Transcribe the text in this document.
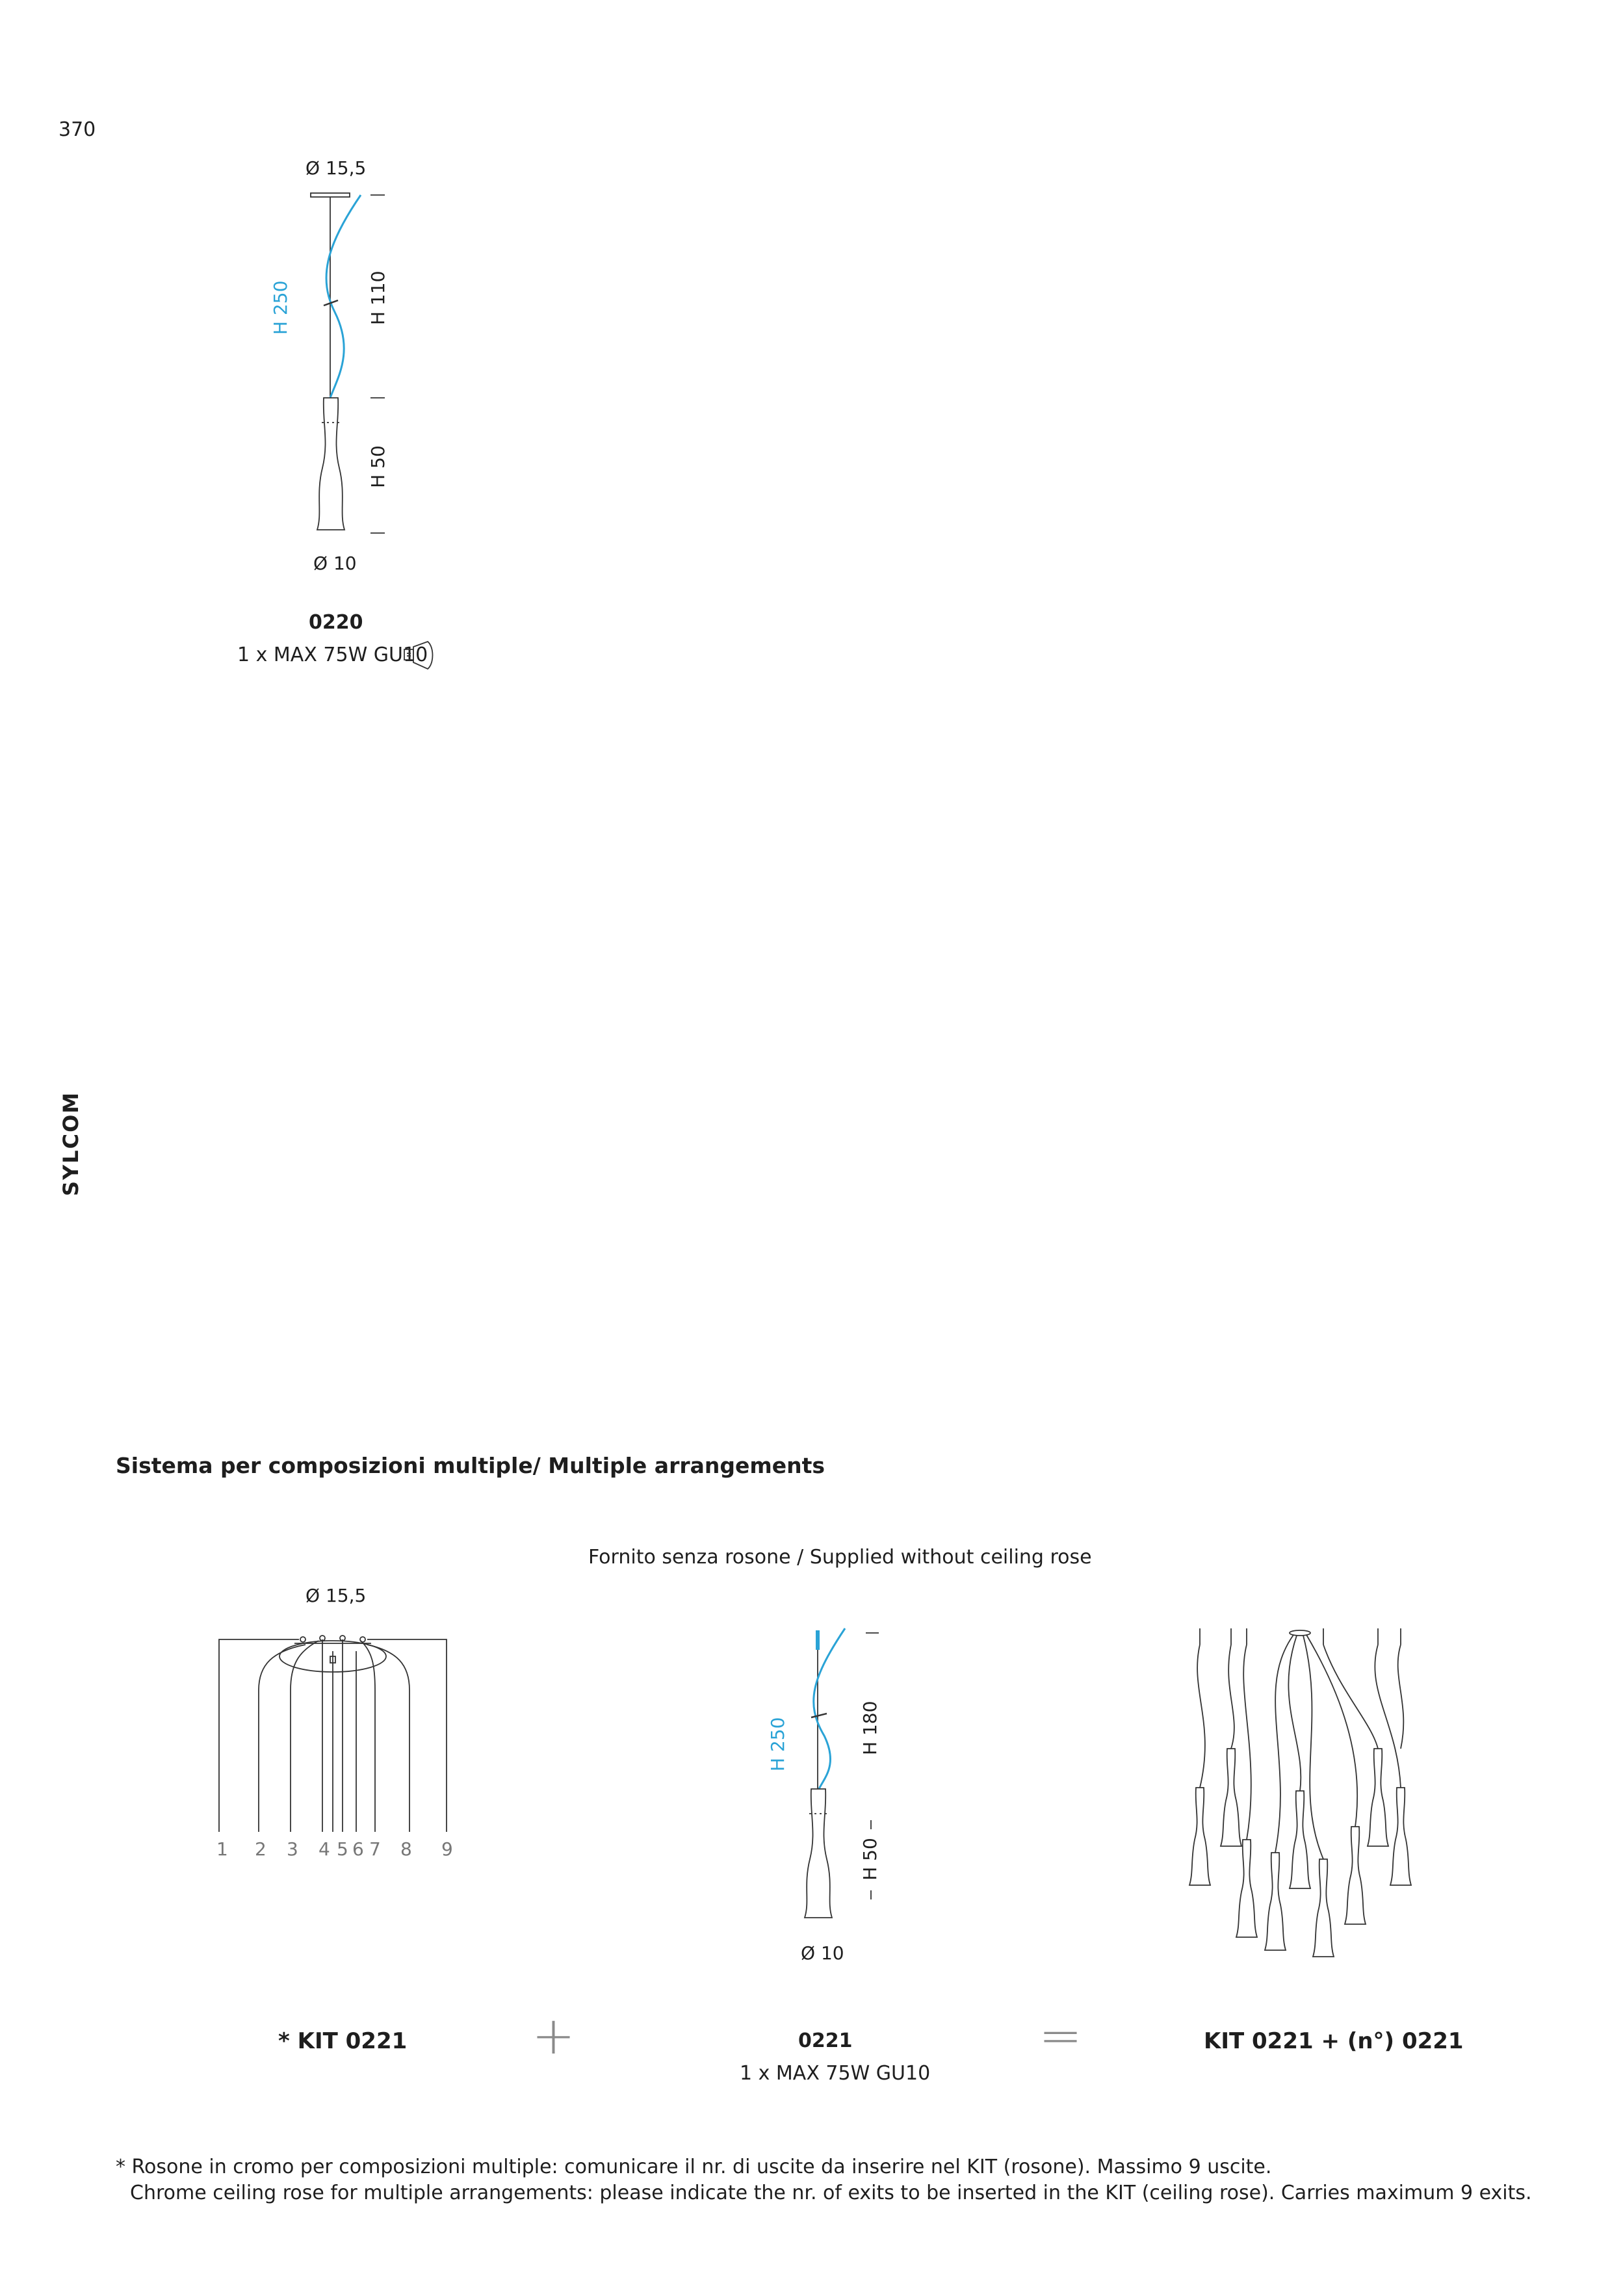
370
SYLCOM
Ø 15,5
H 250	H 110
H 50
Ø 10
0220
1 x MAX 75W GU10
Sistema per composizioni multiple/ Multiple arrangements
Fornito senza rosone / Supplied without ceiling rose
Ø 15,5
1 2 3 4 5 6 7 8 9
H 250	H 180
H 50
Ø 10
* KIT 0221 +	0221
1 x MAX 75W GU10
=	KIT 0221 + (n°) 0221
* Rosone in cromo per composizioni multiple: comunicare il nr. di uscite da inserire nel KIT (rosone). Massimo 9 uscite.
Chrome ceiling rose for multiple arrangements: please indicate the nr. of exits to be inserted in the KIT (ceiling rose). Carries maximum 9 exits.
